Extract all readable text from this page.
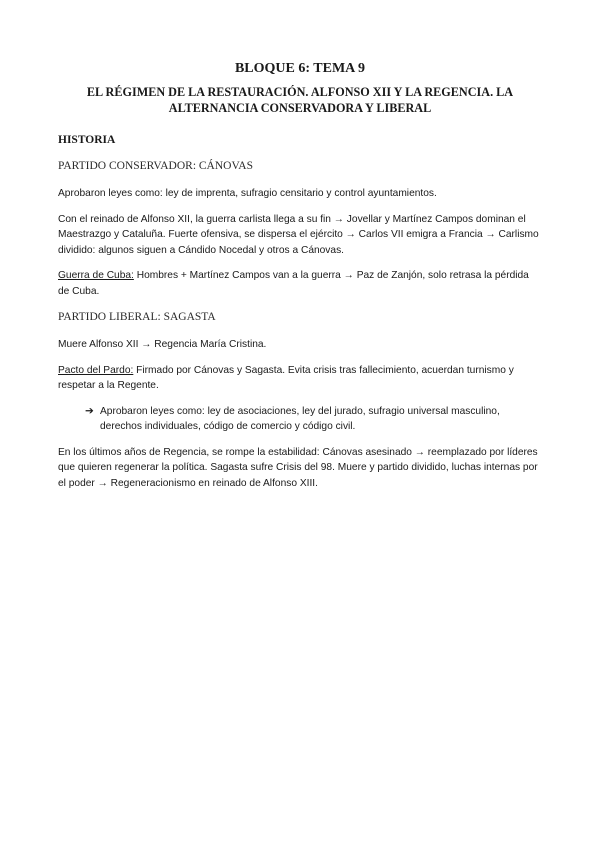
BLOQUE 6: TEMA 9
EL RÉGIMEN DE LA RESTAURACIÓN. ALFONSO XII Y LA REGENCIA. LA ALTERNANCIA CONSERVADORA Y LIBERAL
HISTORIA
PARTIDO CONSERVADOR: CÁNOVAS

Aprobaron leyes como: ley de imprenta, sufragio censitario y control ayuntamientos.

Con el reinado de Alfonso XII, la guerra carlista llega a su fin → Jovellar y Martínez Campos dominan el Maestrazgo y Cataluña. Fuerte ofensiva, se dispersa el ejército → Carlos VII emigra a Francia → Carlismo dividido: algunos siguen a Cándido Nocedal y otros a Cánovas.

Guerra de Cuba: Hombres + Martínez Campos van a la guerra → Paz de Zanjón, solo retrasa la pérdida de Cuba.

PARTIDO LIBERAL: SAGASTA

Muere Alfonso XII → Regencia María Cristina.

Pacto del Pardo: Firmado por Cánovas y Sagasta. Evita crisis tras fallecimiento, acuerdan turnismo y respetar a la Regente.

➔ Aprobaron leyes como: ley de asociaciones, ley del jurado, sufragio universal masculino, derechos individuales, código de comercio y código civil.

En los últimos años de Regencia, se rompe la estabilidad: Cánovas asesinado → reemplazado por líderes que quieren regenerar la política. Sagasta sufre Crisis del 98. Muere y partido dividido, luchas internas por el poder → Regeneracionismo en reinado de Alfonso XIII.
